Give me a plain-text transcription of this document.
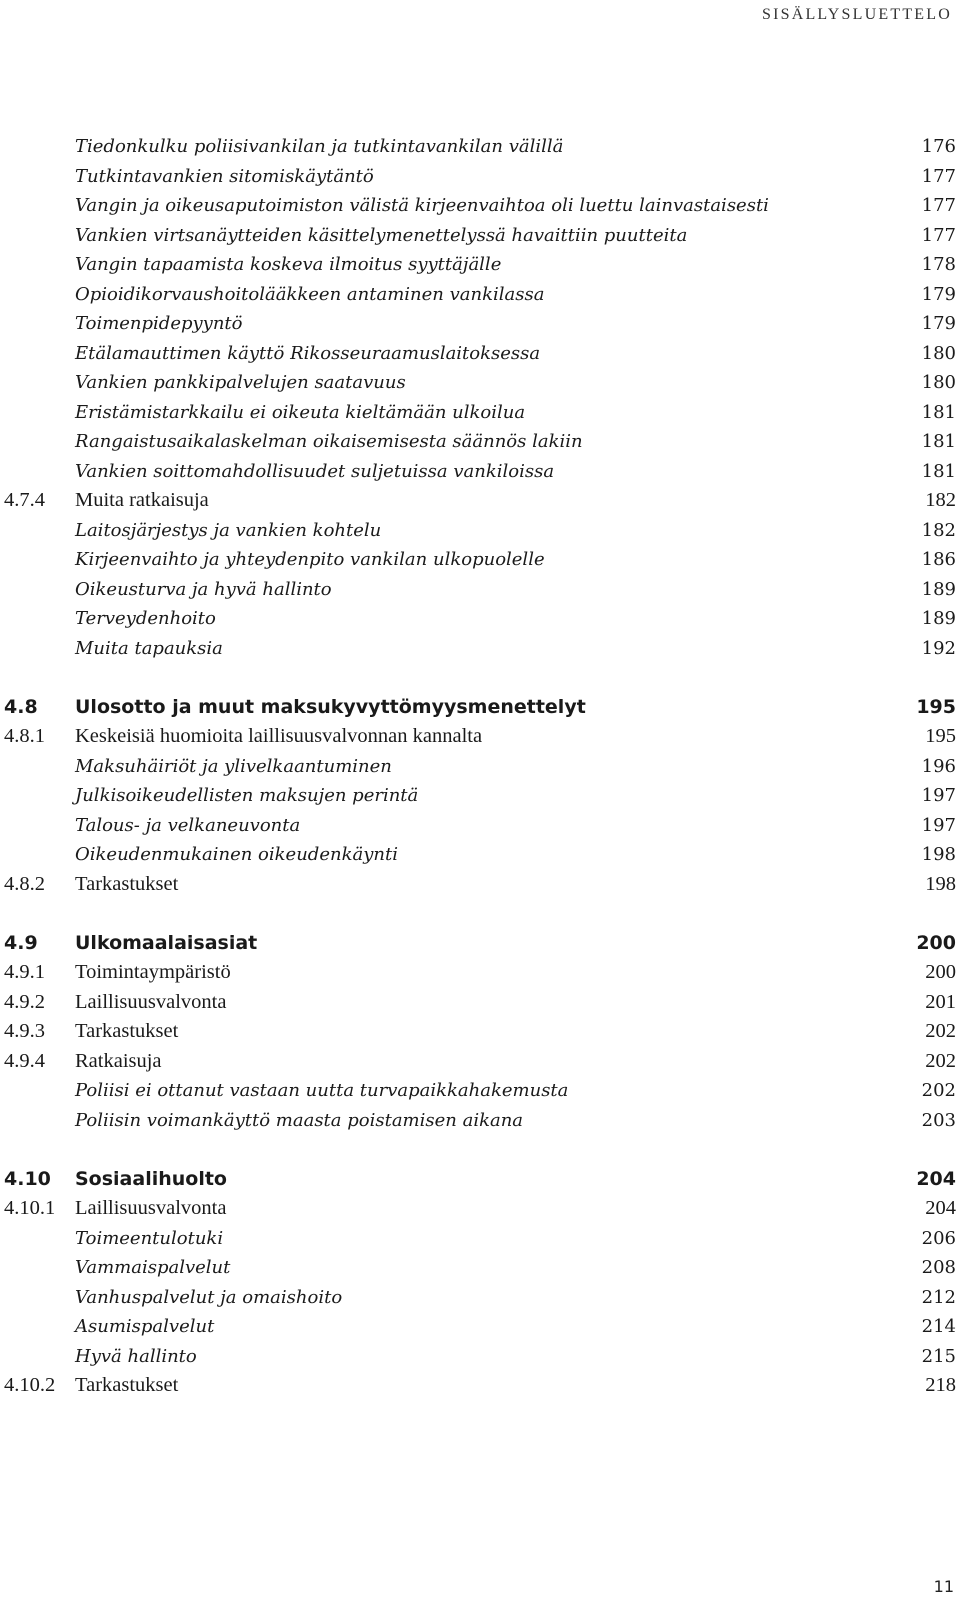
SISÄLLYSLUETTELO
Tiedonkulku poliisivankilan ja tutkintavankilan välillä	176
Tutkintavankien sitomiskäytäntö	177
Vangin ja oikeusaputoimiston välistä kirjeenvaihtoa oli luettu lainvastaisesti	177
Vankien virtsanäytteiden käsittelymenettelyssä havaittiin puutteita	177
Vangin tapaamista koskeva ilmoitus syyttäjälle	178
Opioidikorvaushoitolääkkeen antaminen vankilassa	179
Toimenpidepyyntö	179
Etälamauttimen käyttö Rikosseuraamuslaitoksessa	180
Vankien pankkipalvelujen saatavuus	180
Eristämistarkkailu ei oikeuta kieltämään ulkoilua	181
Rangaistusaikalaskelman oikaisemisesta säännös lakiin	181
Vankien soittomahdollisuudet suljetuissa vankiloissa	181
4.7.4 Muita ratkaisuja	182
Laitosjärjestys ja vankien kohtelu	182
Kirjeenvaihto ja yhteydenpito vankilan ulkopuolelle	186
Oikeusturva ja hyvä hallinto	189
Terveydenhoito	189
Muita tapauksia	192
4.8 Ulosotto ja muut maksukyvyttömyysmenettelyt	195
4.8.1 Keskeisiä huomioita laillisuusvalvonnan kannalta	195
Maksuhäiriöt ja ylivelkaantuminen	196
Julkisoikeudellisten maksujen perintä	197
Talous- ja velkaneuvonta	197
Oikeudenmukainen oikeudenkäynti	198
4.8.2 Tarkastukset	198
4.9 Ulkomaalaisasiat	200
4.9.1 Toimintaympäristö	200
4.9.2 Laillisuusvalvonta	201
4.9.3 Tarkastukset	202
4.9.4 Ratkaisuja	202
Poliisi ei ottanut vastaan uutta turvapaikkahakemusta	202
Poliisin voimankäyttö maasta poistamisen aikana	203
4.10 Sosiaalihuolto	204
4.10.1 Laillisuusvalvonta	204
Toimeentulotuki	206
Vammaispalvelut	208
Vanhuspalvelut ja omaishoito	212
Asumispalvelut	214
Hyvä hallinto	215
4.10.2 Tarkastukset	218
11
